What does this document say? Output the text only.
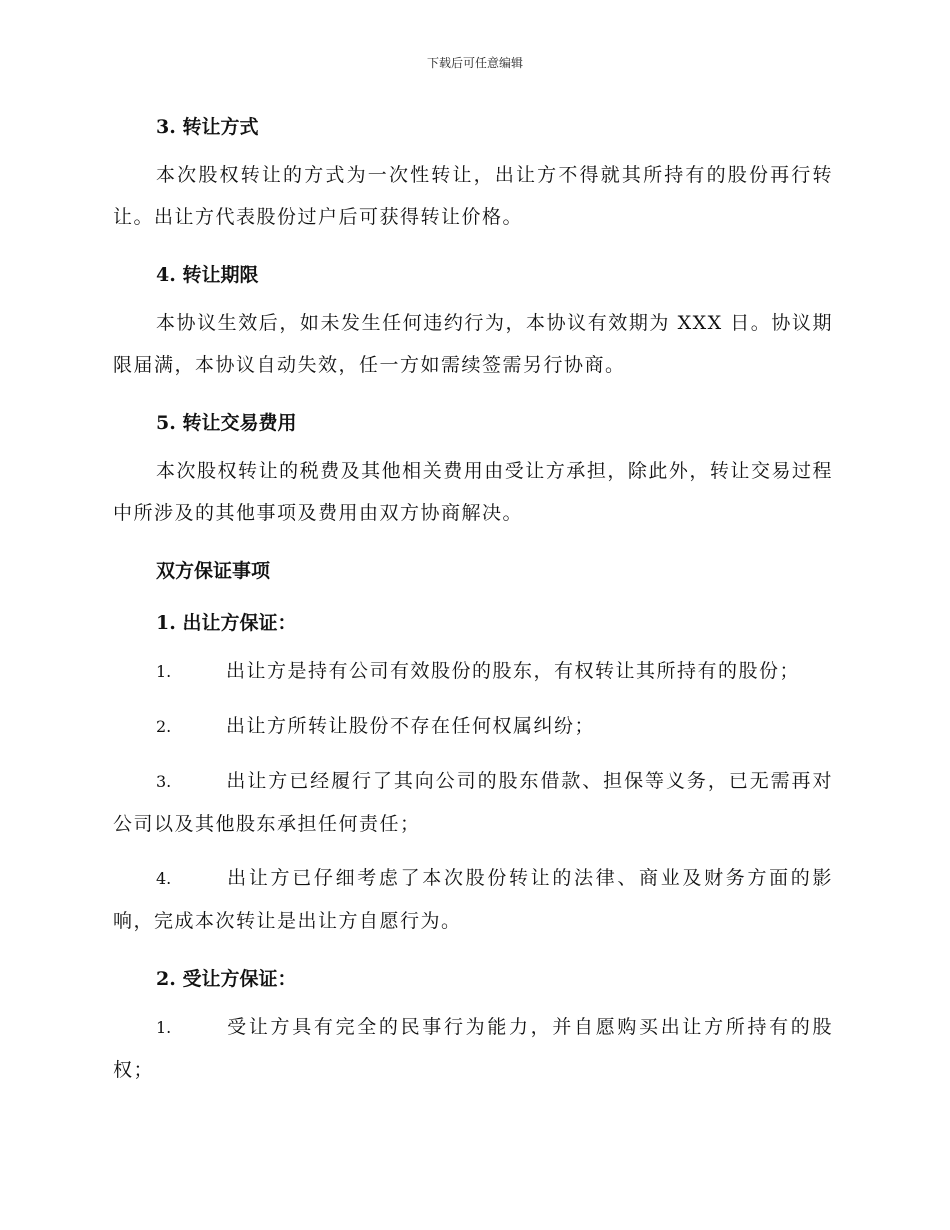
下载后可任意编辑
3. 转让方式

本次股权转让的方式为一次性转让，出让方不得就其所持有的股份再行转让。出让方代表股份过户后可获得转让价格。

4. 转让期限

本协议生效后，如未发生任何违约行为，本协议有效期为 XXX 日。协议期限届满，本协议自动失效，任一方如需续签需另行协商。

5. 转让交易费用

本次股权转让的税费及其他相关费用由受让方承担，除此外，转让交易过程中所涉及的其他事项及费用由双方协商解决。

双方保证事项
1. 出让方保证：

1.	出让方是持有公司有效股份的股东，有权转让其所持有的股份；

2.	出让方所转让股份不存在任何权属纠纷；

3.	出让方已经履行了其向公司的股东借款、担保等义务，已无需再对公司以及其他股东承担任何责任；

4.	出让方已仔细考虑了本次股份转让的法律、商业及财务方面的影响，完成本次转让是出让方自愿行为。

2. 受让方保证：

1.	受让方具有完全的民事行为能力，并自愿购买出让方所持有的股权；
